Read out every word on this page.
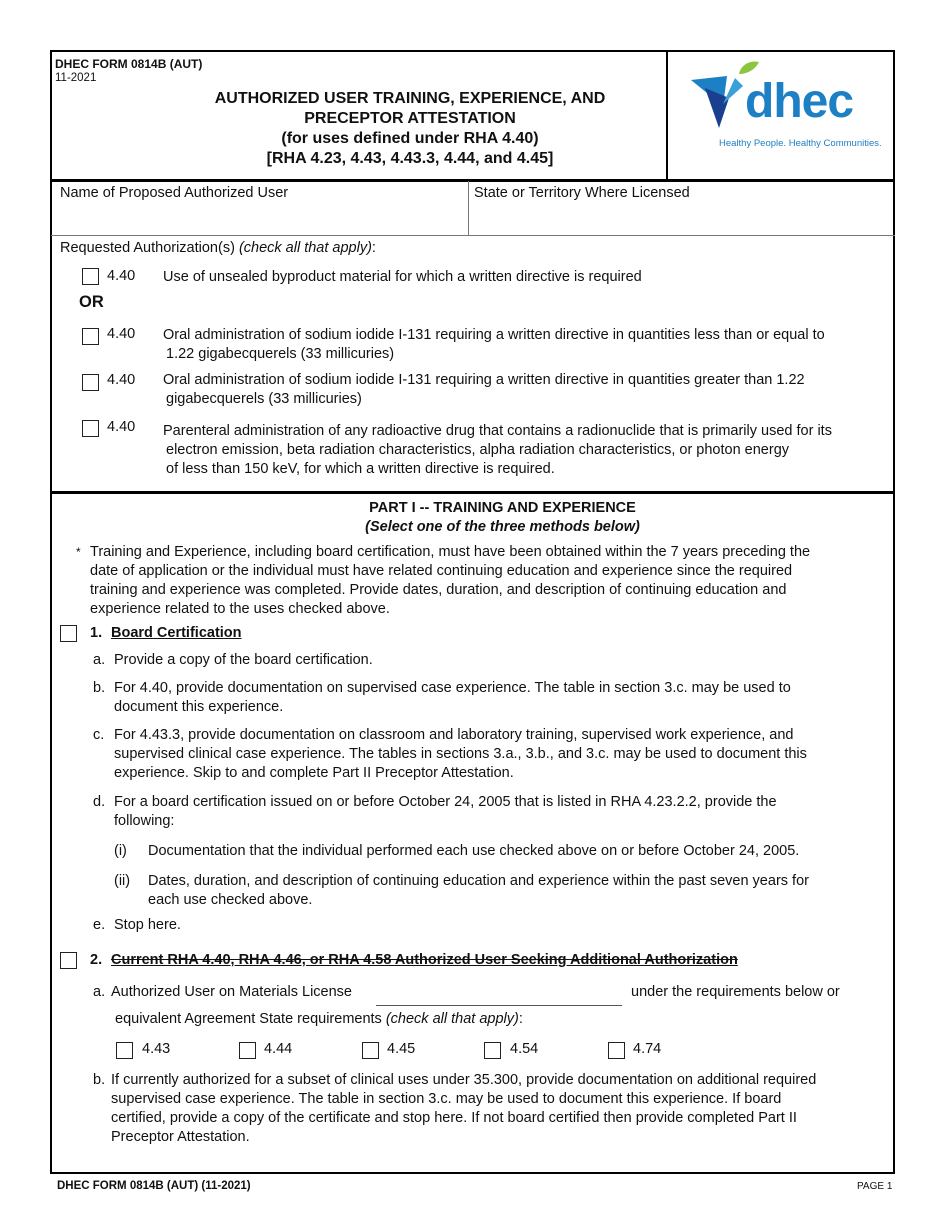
DHEC FORM 0814B (AUT)
11-2021
AUTHORIZED USER TRAINING, EXPERIENCE, AND
PRECEPTOR ATTESTATION
(for uses defined under RHA 4.40)
[RHA 4.23, 4.43, 4.43.3, 4.44, and 4.45]
dhec
Healthy People. Healthy Communities.
Name of Proposed Authorized User	State or Territory Where Licensed
Requested Authorization(s) (check all that apply):
4.40 Use of unsealed byproduct material for which a written directive is required
OR
4.40 Oral administration of sodium iodide I-131 requiring a written directive in quantities less than or equal to
1.22 gigabecquerels (33 millicuries)
4.40 Oral administration of sodium iodide I-131 requiring a written directive in quantities greater than 1.22
gigabecquerels (33 millicuries)
4.40 Parenteral administration of any radioactive drug that contains a radionuclide that is primarily used for its
electron emission, beta radiation characteristics, alpha radiation characteristics, or photon energy
of less than 150 keV, for which a written directive is required.
PART I -- TRAINING AND EXPERIENCE
(Select one of the three methods below)
* Training and Experience, including board certification, must have been obtained within the 7 years preceding the
date of application or the individual must have related continuing education and experience since the required
training and experience was completed. Provide dates, duration, and description of continuing education and
experience related to the uses checked above.
1. Board Certification
a. Provide a copy of the board certification.
b. For 4.40, provide documentation on supervised case experience. The table in section 3.c. may be used to
document this experience.
c. For 4.43.3, provide documentation on classroom and laboratory training, supervised work experience, and
supervised clinical case experience. The tables in sections 3.a., 3.b., and 3.c. may be used to document this
experience. Skip to and complete Part II Preceptor Attestation.
d. For a board certification issued on or before October 24, 2005 that is listed in RHA 4.23.2.2, provide the
following:
(i) Documentation that the individual performed each use checked above on or before October 24, 2005.
(ii) Dates, duration, and description of continuing education and experience within the past seven years for
each use checked above.
e. Stop here.
2. Current RHA 4.40, RHA 4.46, or RHA 4.58 Authorized User Seeking Additional Authorization
a. Authorized User on Materials License	under the requirements below or
equivalent Agreement State requirements (check all that apply):
4.43	4.44	4.45	4.54	4.74
b. If currently authorized for a subset of clinical uses under 35.300, provide documentation on additional required
supervised case experience. The table in section 3.c. may be used to document this experience. If board
certified, provide a copy of the certificate and stop here. If not board certified then provide completed Part II
Preceptor Attestation.
DHEC FORM 0814B (AUT) (11-2021)	PAGE 1
